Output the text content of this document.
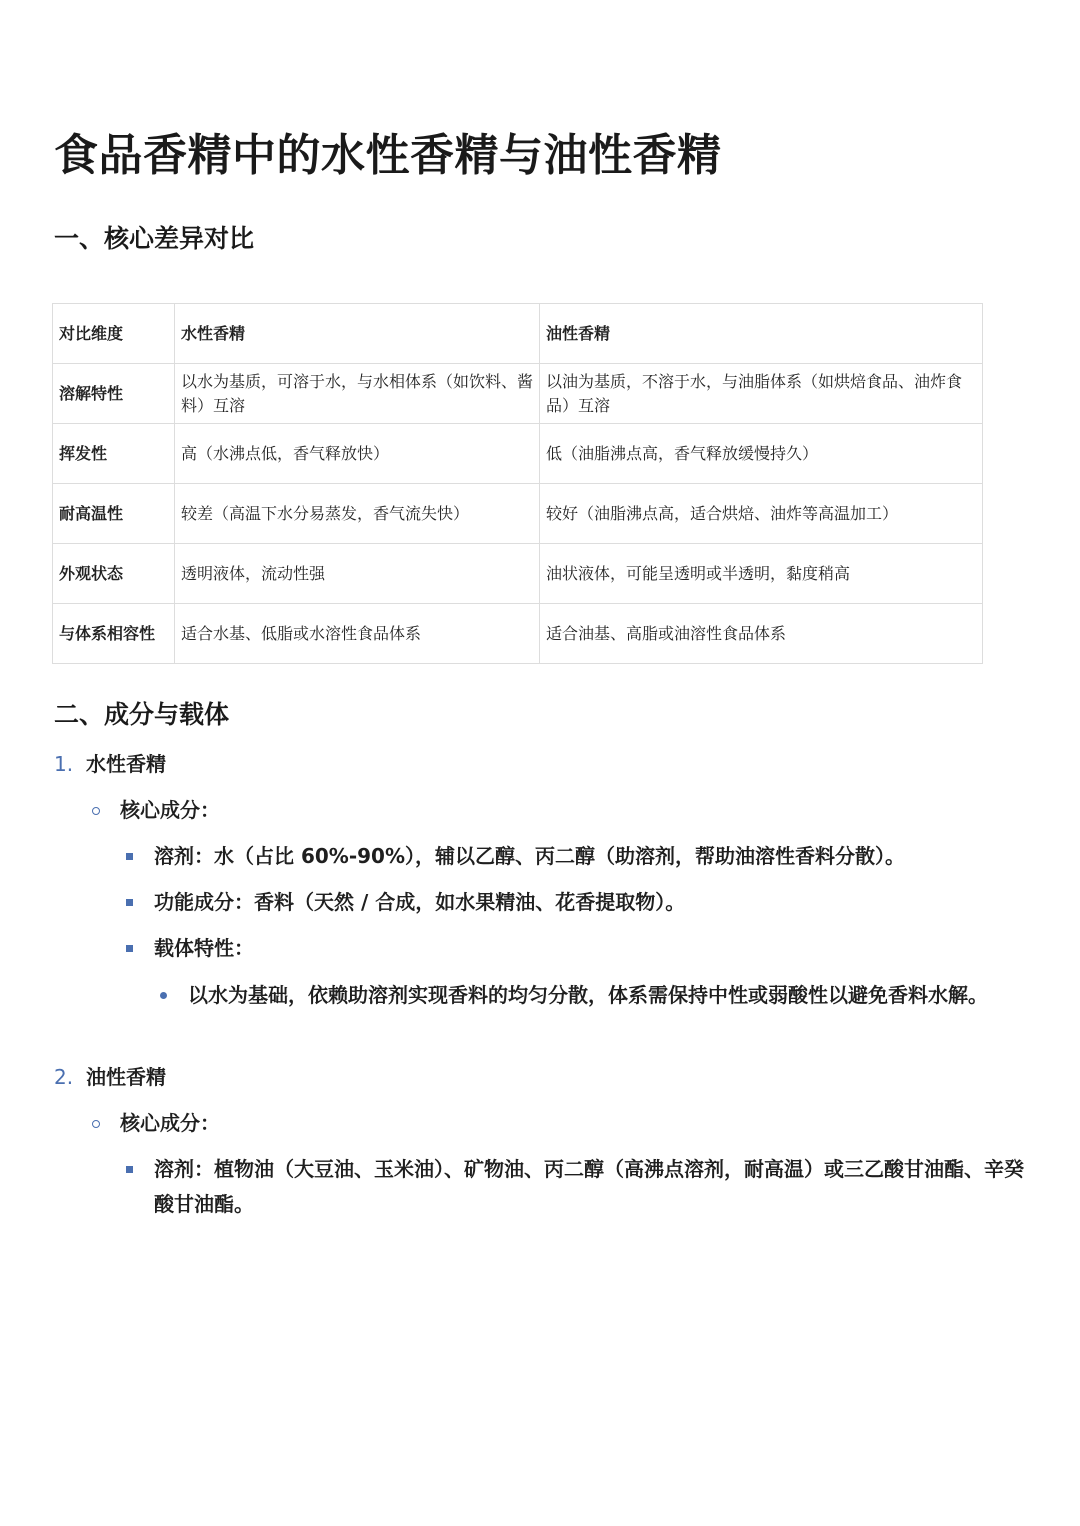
食品香精中的水性香精与油性香精
一、核心差异对比
对比维度	水性香精	油性香精
溶解特性	以水为基质，可溶于水，与水相体系（如饮料、酱料）互溶	以油为基质，不溶于水，与油脂体系（如烘焙食品、油炸食品）互溶
挥发性	高（水沸点低，香气释放快）	低（油脂沸点高，香气释放缓慢持久）
耐高温性	较差（高温下水分易蒸发，香气流失快）	较好（油脂沸点高，适合烘焙、油炸等高温加工）
外观状态	透明液体，流动性强	油状液体，可能呈透明或半透明，黏度稍高
与体系相容性	适合水基、低脂或水溶性食品体系	适合油基、高脂或油溶性食品体系
二、成分与载体
1. 水性香精
核心成分：
溶剂：水（占比 60%-90%），辅以乙醇、丙二醇（助溶剂，帮助油溶性香料分散）。
功能成分：香料（天然 / 合成，如水果精油、花香提取物）。
载体特性：
以水为基础，依赖助溶剂实现香料的均匀分散，体系需保持中性或弱酸性以避免香料水解。
2. 油性香精
核心成分：
溶剂：植物油（大豆油、玉米油）、矿物油、丙二醇（高沸点溶剂，耐高温）或三乙酸甘油酯、辛癸酸甘油酯。
